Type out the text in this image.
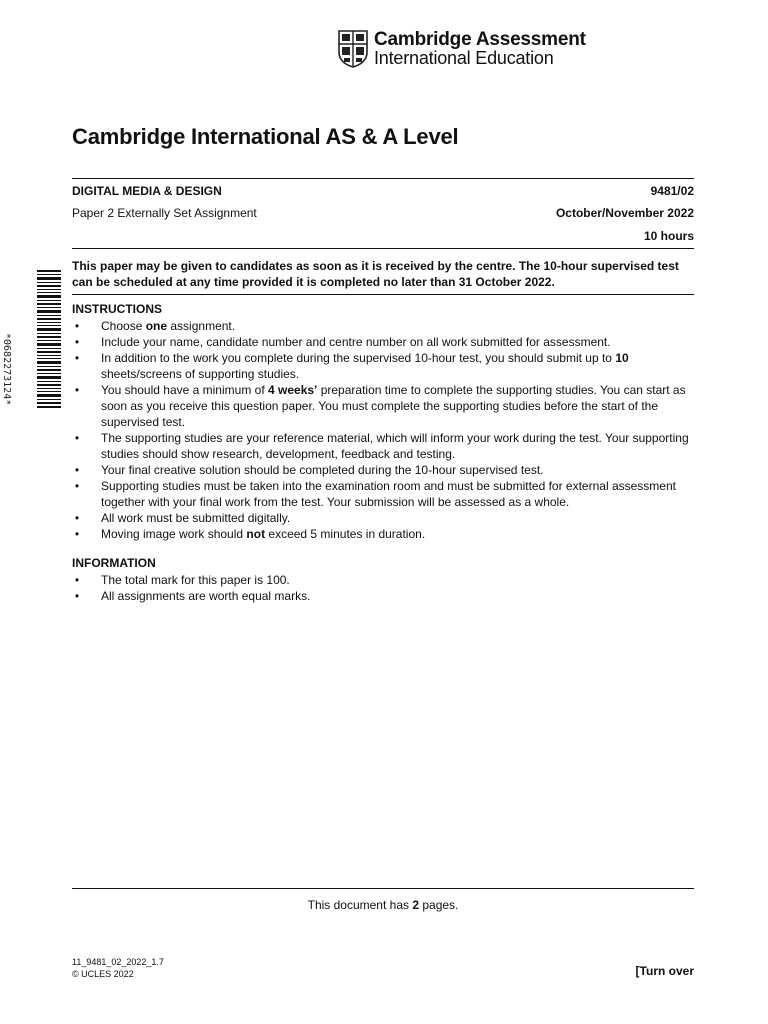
Cambridge Assessment
International Education
Cambridge International AS & A Level
DIGITAL MEDIA & DESIGN	9481/02
Paper 2 Externally Set Assignment	October/November 2022
10 hours
This paper may be given to candidates as soon as it is received by the centre. The 10-hour supervised test can be scheduled at any time provided it is completed no later than 31 October 2022.
*0682273124*
INSTRUCTIONS
•
Choose one assignment.
•
Include your name, candidate number and centre number on all work submitted for assessment.
•
In addition to the work you complete during the supervised 10-hour test, you should submit up to 10 sheets/screens of supporting studies.
•
You should have a minimum of 4 weeks’ preparation time to complete the supporting studies. You can start as soon as you receive this question paper. You must complete the supporting studies before the start of the supervised test.
•
The supporting studies are your reference material, which will inform your work during the test. Your supporting studies should show research, development, feedback and testing.
•
Your final creative solution should be completed during the 10-hour supervised test.
•
Supporting studies must be taken into the examination room and must be submitted for external assessment together with your final work from the test. Your submission will be assessed as a whole.
•
All work must be submitted digitally.
•
Moving image work should not exceed 5 minutes in duration.
INFORMATION
•
The total mark for this paper is 100.
•
All assignments are worth equal marks.
This document has 2 pages.
11_9481_02_2022_1.7
© UCLES 2022	[Turn over
